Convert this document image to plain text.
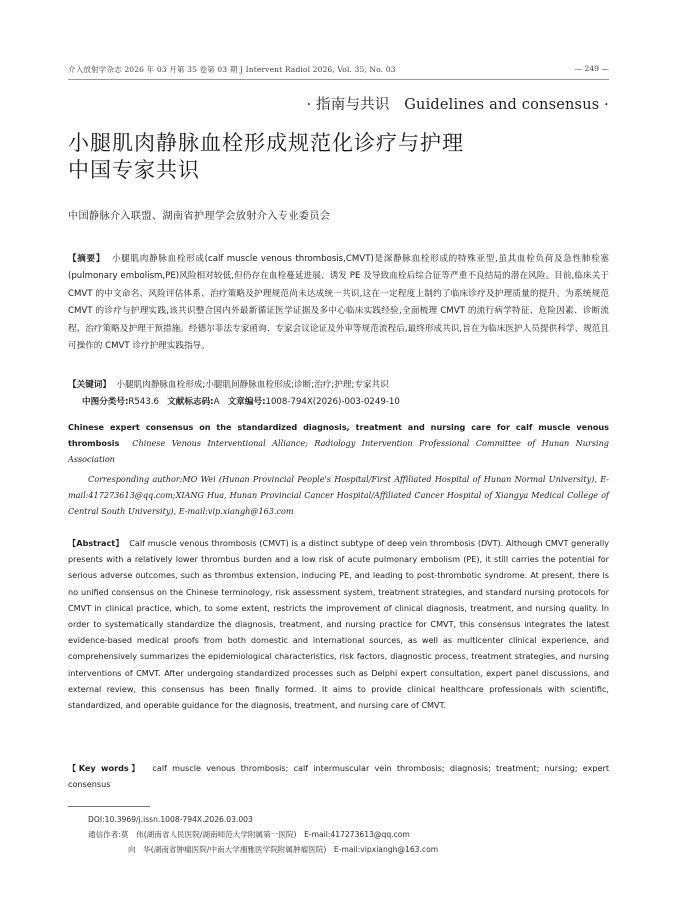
介入放射学杂志 2026 年 03 月第 35 卷第 03 期 J Intervent Radiol 2026, Vol. 35, No. 03	— 249 —
· 指南与共识　Guidelines and consensus ·
小腿肌肉静脉血栓形成规范化诊疗与护理
中国专家共识
中国静脉介入联盟、湖南省护理学会放射介入专业委员会
【摘要】 小腿肌肉静脉血栓形成(calf muscle venous thrombosis,CMVT)是深静脉血栓形成的特殊亚型,虽其血栓负荷及急性肺栓塞(pulmonary embolism,PE)风险相对较低,但仍存在血栓蔓延进展、诱发 PE 及导致血栓后综合征等严重不良结局的潜在风险。目前,临床关于 CMVT 的中文命名、风险评估体系、治疗策略及护理规范尚未达成统一共识,这在一定程度上制约了临床诊疗及护理质量的提升。为系统规范 CMVT 的诊疗与护理实践,该共识整合国内外最新循证医学证据及多中心临床实践经验,全面梳理 CMVT 的流行病学特征、危险因素、诊断流程、治疗策略及护理干预措施。经德尔菲法专家函询、专家会议论证及外审等规范流程后,最终形成共识,旨在为临床医护人员提供科学、规范且可操作的 CMVT 诊疗护理实践指导。
【关键词】 小腿肌肉静脉血栓形成;小腿肌间静脉血栓形成;诊断;治疗;护理;专家共识
中图分类号:R543.6 文献标志码:A 文章编号:1008-794X(2026)-003-0249-10
Chinese expert consensus on the standardized diagnosis, treatment and nursing care for calf muscle venous thrombosis Chinese Venous Interventional Alliance; Radiology Intervention Professional Committee of Hunan Nursing Association
Corresponding author:MO Wei (Hunan Provincial People's Hospital/First Affiliated Hospital of Hunan Normal University), E-mail:417273613@qq.com;XIANG Hua, Hunan Provincial Cancer Hospital/Affiliated Cancer Hospital of Xiangya Medical College of Central South University), E-mail:vip.xiangh@163.com
【Abstract】 Calf muscle venous thrombosis (CMVT) is a distinct subtype of deep vein thrombosis (DVT). Although CMVT generally presents with a relatively lower thrombus burden and a low risk of acute pulmonary embolism (PE), it still carries the potential for serious adverse outcomes, such as thrombus extension, inducing PE, and leading to post-thrombotic syndrome. At present, there is no unified consensus on the Chinese terminology, risk assessment system, treatment strategies, and standard nursing protocols for CMVT in clinical practice, which, to some extent, restricts the improvement of clinical diagnosis, treatment, and nursing quality. In order to systematically standardize the diagnosis, treatment, and nursing practice for CMVT, this consensus integrates the latest evidence-based medical proofs from both domestic and international sources, as well as multicenter clinical experience, and comprehensively summarizes the epidemiological characteristics, risk factors, diagnostic process, treatment strategies, and nursing interventions of CMVT. After undergoing standardized processes such as Delphi expert consultation, expert panel discussions, and external review, this consensus has been finally formed. It aims to provide clinical healthcare professionals with scientific, standardized, and operable guidance for the diagnosis, treatment, and nursing care of CMVT.
【Key words】 calf muscle venous thrombosis; calf intermuscular vein thrombosis; diagnosis; treatment; nursing; expert consensus
DOI:10.3969/j.issn.1008-794X.2026.03.003
通信作者:莫　伟(湖南省人民医院/湖南师范大学附属第一医院)　E-mail:417273613@qq.com
向　华(湖南省肿瘤医院/中南大学湘雅医学院附属肿瘤医院)　E-mail:vipxiangh@163.com
